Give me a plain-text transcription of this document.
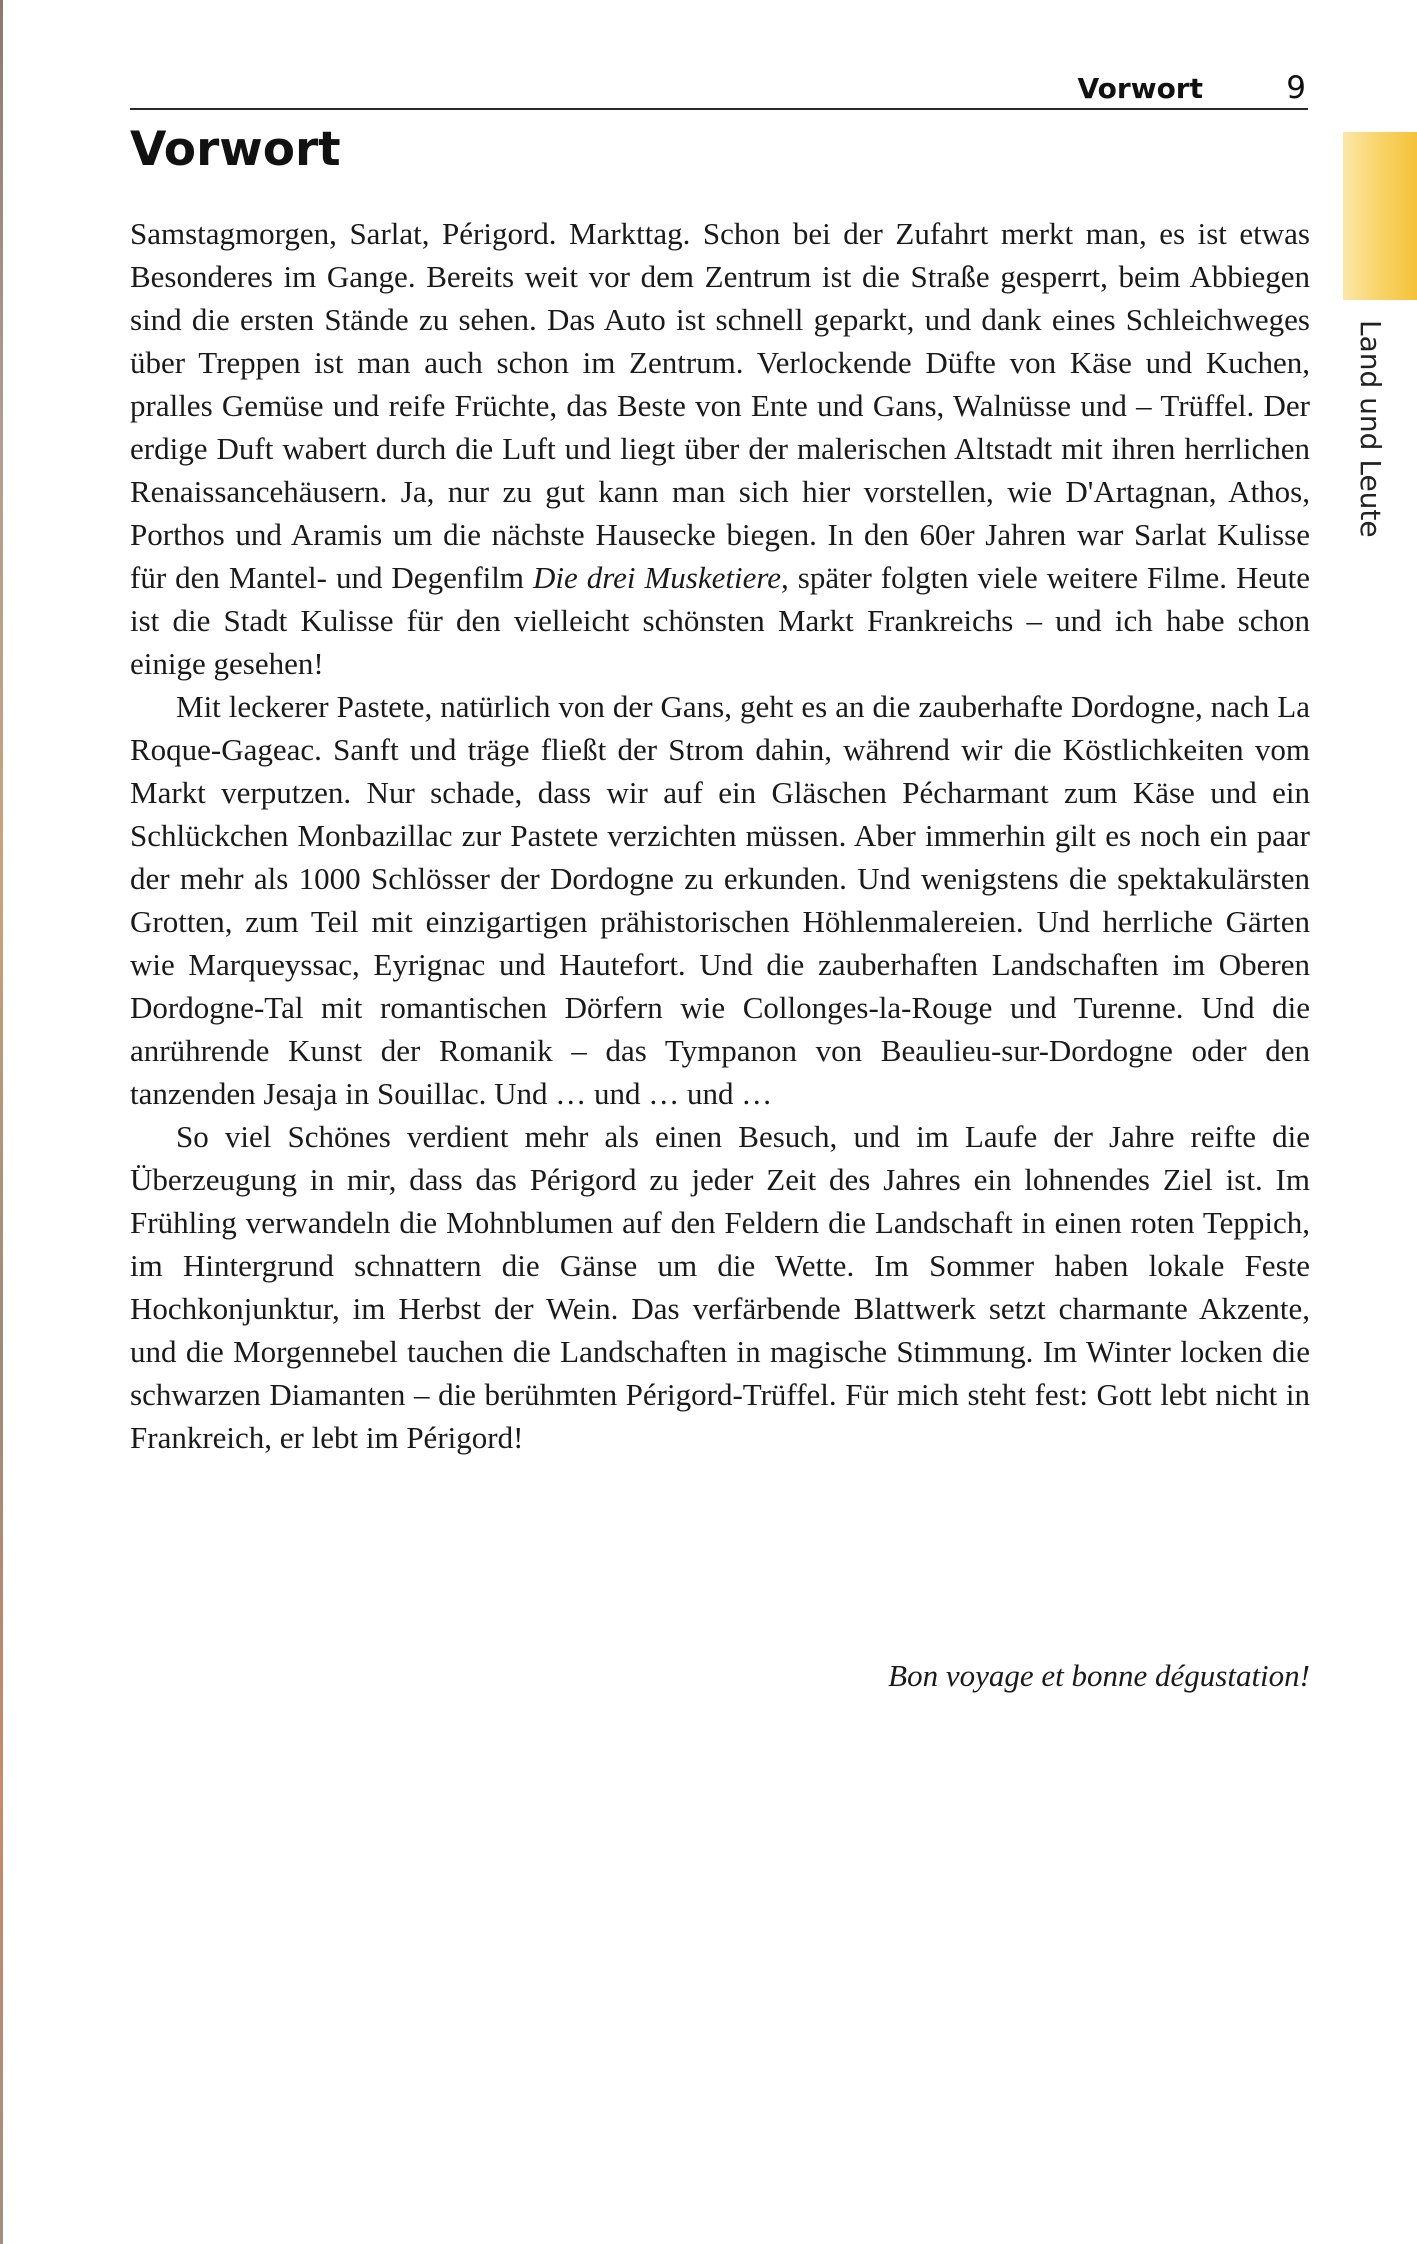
Vorwort	9
Land und Leute
Vorwort

Samstagmorgen, Sarlat, Périgord. Markttag. Schon bei der Zufahrt merkt man, es ist etwas Besonderes im Gange. Bereits weit vor dem Zentrum ist die Straße gesperrt, beim Abbiegen sind die ersten Stände zu sehen. Das Auto ist schnell geparkt, und dank eines Schleichweges über Treppen ist man auch schon im Zentrum. Verlockende Düfte von Käse und Kuchen, pralles Gemüse und reife Früchte, das Beste von Ente und Gans, Walnüsse und – Trüffel. Der erdige Duft wabert durch die Luft und liegt über der malerischen Altstadt mit ihren herrlichen Renaissancehäusern. Ja, nur zu gut kann man sich hier vorstellen, wie D'Artagnan, Athos, Porthos und Aramis um die nächste Hausecke biegen. In den 60er Jahren war Sarlat Kulisse für den Mantel- und Degenfilm Die drei Musketiere, später folgten viele weitere Filme. Heute ist die Stadt Kulisse für den vielleicht schönsten Markt Frankreichs – und ich habe schon einige gesehen!

Mit leckerer Pastete, natürlich von der Gans, geht es an die zauberhafte Dordogne, nach La Roque-Gageac. Sanft und träge fließt der Strom dahin, während wir die Köstlichkeiten vom Markt verputzen. Nur schade, dass wir auf ein Gläschen Pécharmant zum Käse und ein Schlückchen Monbazillac zur Pastete verzichten müssen. Aber immerhin gilt es noch ein paar der mehr als 1000 Schlösser der Dordogne zu erkunden. Und wenigstens die spektakulärsten Grotten, zum Teil mit einzigartigen prähistorischen Höhlenmalereien. Und herrliche Gärten wie Marqueyssac, Eyrignac und Hautefort. Und die zauberhaften Landschaften im Oberen Dordogne-Tal mit romantischen Dörfern wie Collonges-la-Rouge und Turenne. Und die anrührende Kunst der Romanik – das Tympanon von Beaulieu-sur-Dordogne oder den tanzenden Jesaja in Souillac. Und … und … und …

So viel Schönes verdient mehr als einen Besuch, und im Laufe der Jahre reifte die Überzeugung in mir, dass das Périgord zu jeder Zeit des Jahres ein lohnendes Ziel ist. Im Frühling verwandeln die Mohnblumen auf den Feldern die Landschaft in einen roten Teppich, im Hintergrund schnattern die Gänse um die Wette. Im Sommer haben lokale Feste Hochkonjunktur, im Herbst der Wein. Das verfärbende Blattwerk setzt charmante Akzente, und die Morgennebel tauchen die Landschaften in magische Stimmung. Im Winter locken die schwarzen Diamanten – die berühmten Périgord-Trüffel. Für mich steht fest: Gott lebt nicht in Frankreich, er lebt im Périgord!

Bon voyage et bonne dégustation!
